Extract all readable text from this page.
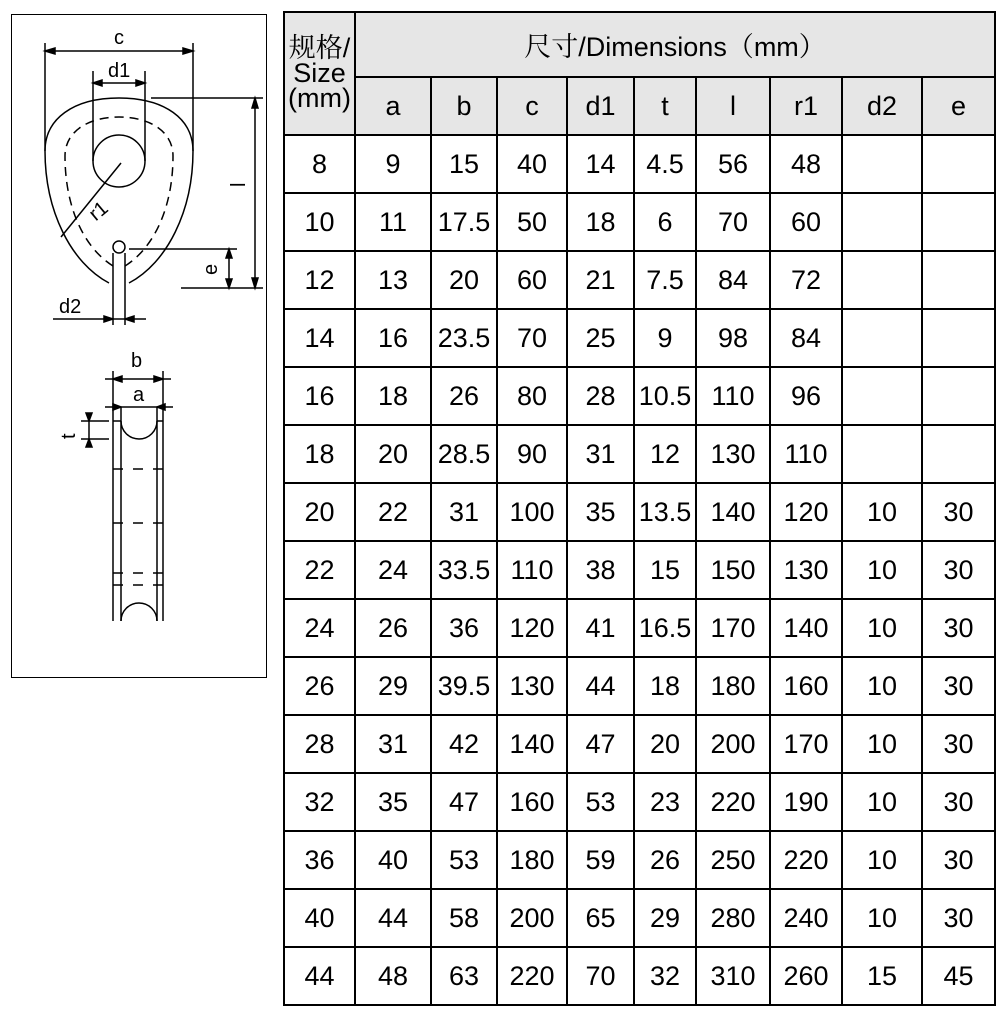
c
d1
l
r1
e
d2
b
a
t
规格/
Size
(mm)	尺寸/Dimensions（mm）								
	a	b	c	d1	t	l	r1	d2	e
8	9	15	40	14	4.5	56	48		
10	11	17.5	50	18	6	70	60		
12	13	20	60	21	7.5	84	72		
14	16	23.5	70	25	9	98	84		
16	18	26	80	28	10.5	110	96		
18	20	28.5	90	31	12	130	110		
20	22	31	100	35	13.5	140	120	10	30
22	24	33.5	110	38	15	150	130	10	30
24	26	36	120	41	16.5	170	140	10	30
26	29	39.5	130	44	18	180	160	10	30
28	31	42	140	47	20	200	170	10	30
32	35	47	160	53	23	220	190	10	30
36	40	53	180	59	26	250	220	10	30
40	44	58	200	65	29	280	240	10	30
44	48	63	220	70	32	310	260	15	45
